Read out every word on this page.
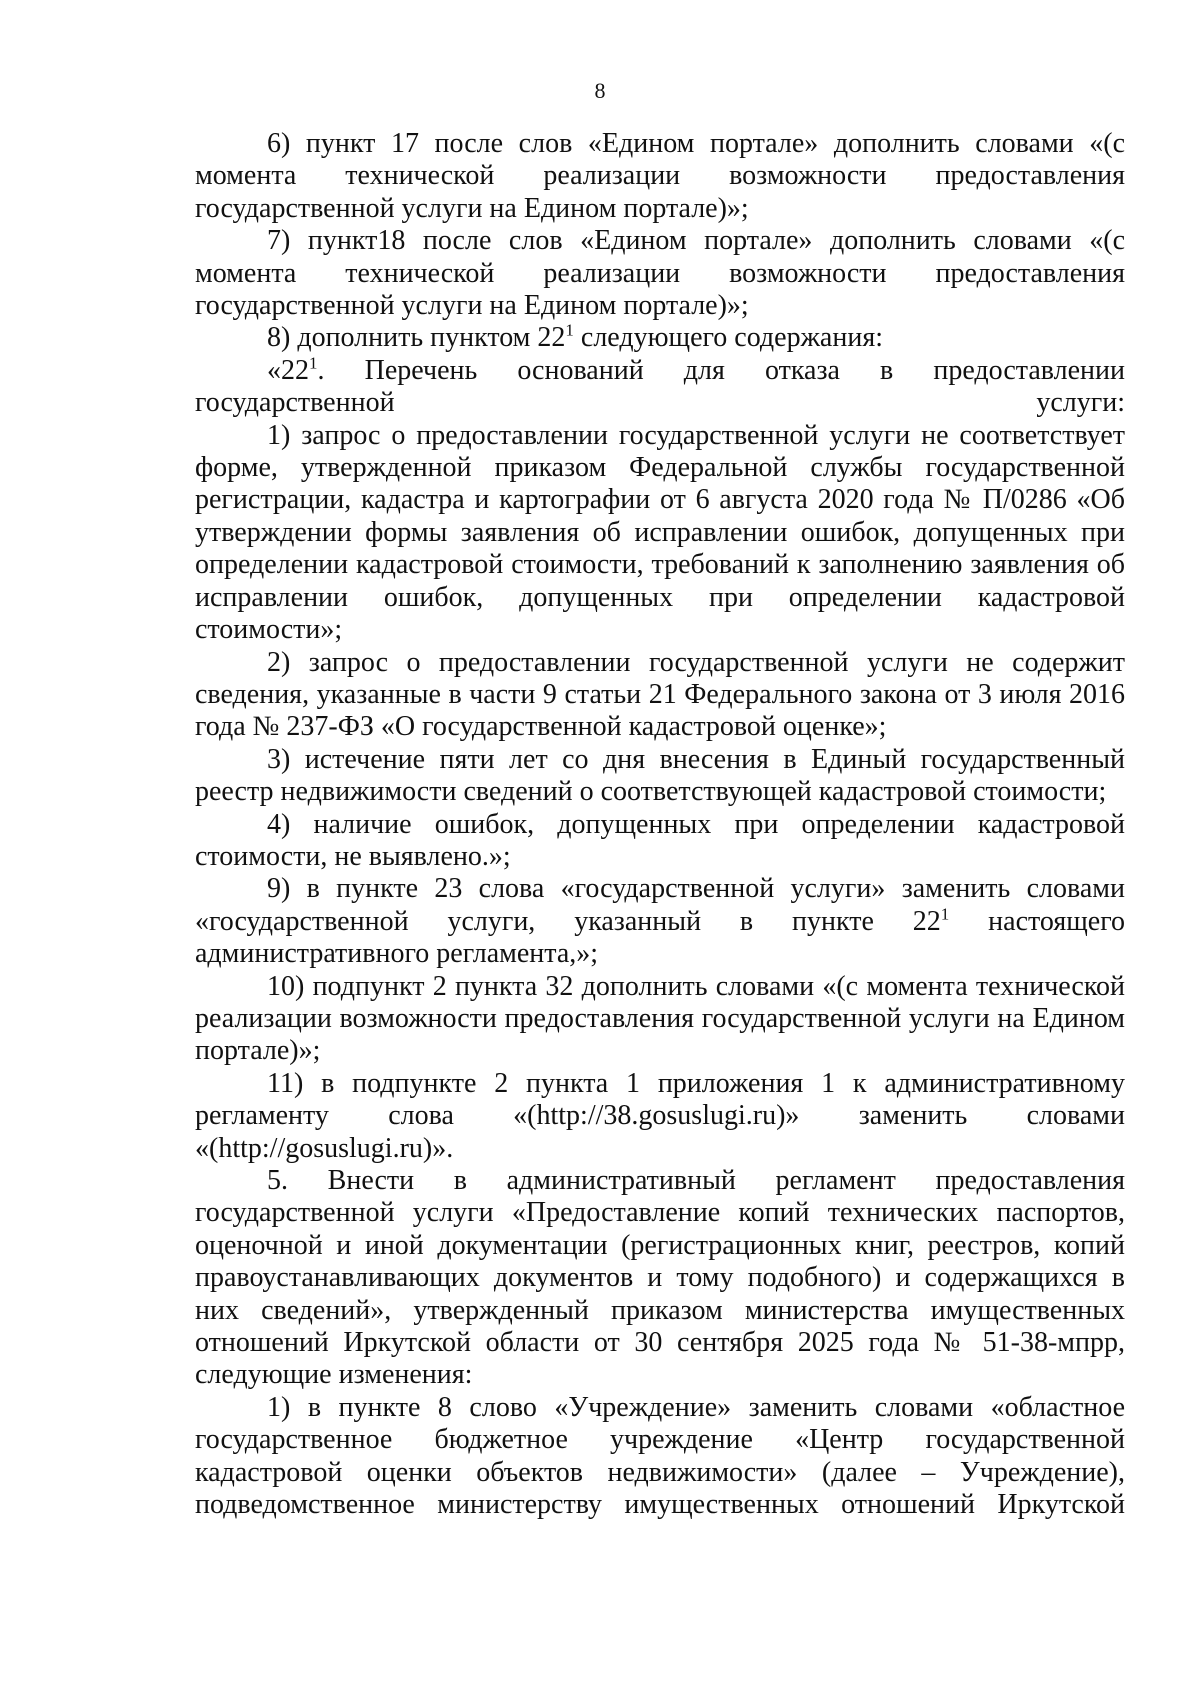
8

6) пункт 17 после слов «Едином портале» дополнить словами «(с момента технической реализации возможности предоставления государственной услуги на Едином портале)»;

7) пункт18 после слов «Едином портале» дополнить словами «(с момента технической реализации возможности предоставления государственной услуги на Едином портале)»;

8) дополнить пунктом $22^1$ следующего содержания:

«$22^1$. Перечень оснований для отказа в предоставлении государственной услуги:

1) запрос о предоставлении государственной услуги не соответствует форме, утвержденной приказом Федеральной службы государственной регистрации, кадастра и картографии от 6 августа 2020 года № П/0286 «Об утверждении формы заявления об исправлении ошибок, допущенных при определении кадастровой стоимости, требований к заполнению заявления об исправлении ошибок, допущенных при определении кадастровой стоимости»;

2) запрос о предоставлении государственной услуги не содержит сведения, указанные в части 9 статьи 21 Федерального закона от 3 июля 2016 года № 237-ФЗ «О государственной кадастровой оценке»;

3) истечение пяти лет со дня внесения в Единый государственный реестр недвижимости сведений о соответствующей кадастровой стоимости;

4) наличие ошибок, допущенных при определении кадастровой стоимости, не выявлено.»;

9) в пункте 23 слова «государственной услуги» заменить словами «государственной услуги, указанный в пункте $22^1$ настоящего административного регламента,»;

10) подпункт 2 пункта 32 дополнить словами «(с момента технической реализации возможности предоставления государственной услуги на Едином портале)»;

11) в подпункте 2 пункта 1 приложения 1 к административному регламенту слова «(http://38.gosuslugi.ru)» заменить словами «(http://gosuslugi.ru)».

5. Внести в административный регламент предоставления государственной услуги «Предоставление копий технических паспортов, оценочной и иной документации (регистрационных книг, реестров, копий правоустанавливающих документов и тому подобного) и содержащихся в них сведений», утвержденный приказом министерства имущественных отношений Иркутской области от 30 сентября 2025 года № 51-38-мпрр, следующие изменения:

1) в пункте 8 слово «Учреждение» заменить словами «областное государственное бюджетное учреждение «Центр государственной кадастровой оценки объектов недвижимости» (далее – Учреждение), подведомственное министерству имущественных отношений Иркутской
